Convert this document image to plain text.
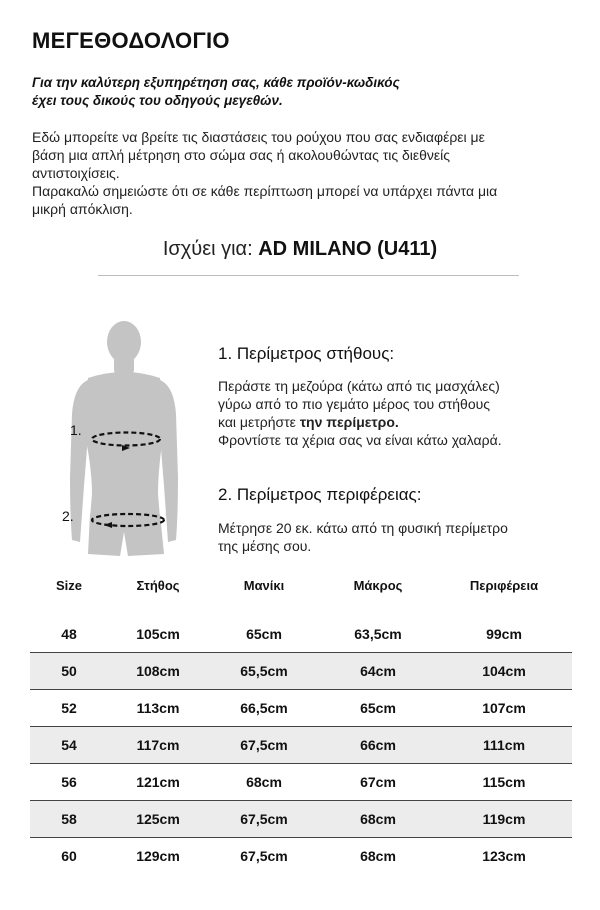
ΜΕΓΕΘΟΔΟΛΟΓΙΟ
Για την καλύτερη εξυπηρέτηση σας, κάθε προϊόν-κωδικός
έχει τους δικούς του οδηγούς μεγεθών.
Εδώ μπορείτε να βρείτε τις διαστάσεις του ρούχου που σας ενδιαφέρει με
βάση μια απλή μέτρηση στο σώμα σας ή ακολουθώντας τις διεθνείς
αντιστοιχίσεις.
Παρακαλώ σημειώστε ότι σε κάθε περίπτωση μπορεί να υπάρχει πάντα μια
μικρή απόκλιση.
Ισχύει για: AD MILANO (U411)
1.
2.
1. Περίμετρος στήθους:
Περάστε τη μεζούρα (κάτω από τις μασχάλες)
γύρω από το πιο γεμάτο μέρος του στήθους
και μετρήστε την περίμετρο.
Φροντίστε τα χέρια σας να είναι κάτω χαλαρά.
2. Περίμετρος περιφέρειας:
Μέτρησε 20 εκ. κάτω από τη φυσική περίμετρο
της μέσης σου.
Size	Στήθος	Μανίκι	Μάκρος	Περιφέρεια

48	105cm	65cm	63,5cm	99cm
50	108cm	65,5cm	64cm	104cm
52	113cm	66,5cm	65cm	107cm
54	117cm	67,5cm	66cm	111cm
56	121cm	68cm	67cm	115cm
58	125cm	67,5cm	68cm	119cm
60	129cm	67,5cm	68cm	123cm
